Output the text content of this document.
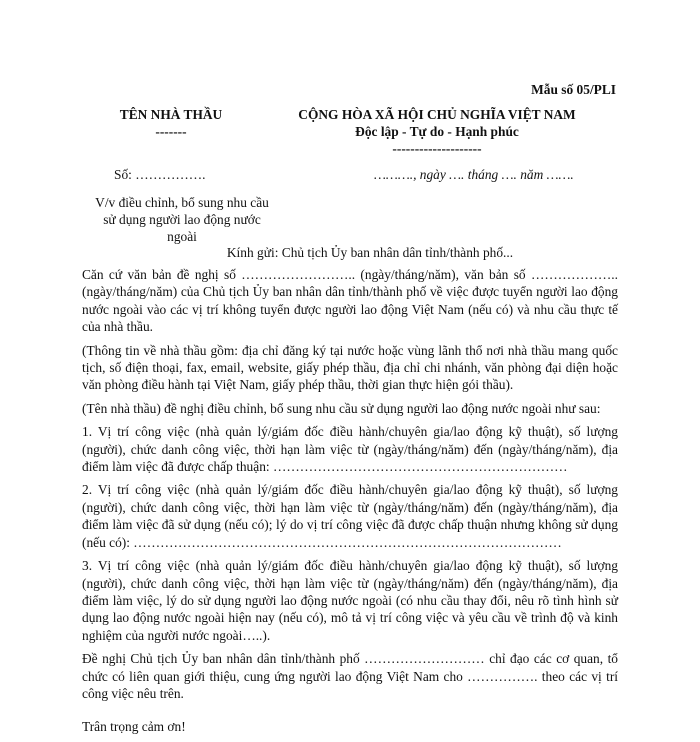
Mẫu số 05/PLI
TÊN NHÀ THẦU
-------
CỘNG HÒA XÃ HỘI CHỦ NGHĨA VIỆT NAM
Độc lập - Tự do - Hạnh phúc
--------------------
Số: …………….	………., ngày …. tháng …. năm …….
V/v điều chỉnh, bổ sung nhu cầu
sử dụng người lao động nước
ngoài
Kính gửi: Chủ tịch Ủy ban nhân dân tỉnh/thành phố...

Căn cứ văn bản đề nghị số …………………….. (ngày/tháng/năm), văn bản số ……………….. (ngày/tháng/năm) của Chủ tịch Ủy ban nhân dân tỉnh/thành phố về việc được tuyển người lao động nước ngoài vào các vị trí không tuyển được người lao động Việt Nam (nếu có) và nhu cầu thực tế của nhà thầu.

(Thông tin về nhà thầu gồm: địa chỉ đăng ký tại nước hoặc vùng lãnh thổ nơi nhà thầu mang quốc tịch, số điện thoại, fax, email, website, giấy phép thầu, địa chỉ chi nhánh, văn phòng đại diện hoặc văn phòng điều hành tại Việt Nam, giấy phép thầu, thời gian thực hiện gói thầu).

(Tên nhà thầu) đề nghị điều chỉnh, bổ sung nhu cầu sử dụng người lao động nước ngoài như sau:

1. Vị trí công việc (nhà quản lý/giám đốc điều hành/chuyên gia/lao động kỹ thuật), số lượng (người), chức danh công việc, thời hạn làm việc từ (ngày/tháng/năm) đến (ngày/tháng/năm), địa điểm làm việc đã được chấp thuận: …………………………………………………………

2. Vị trí công việc (nhà quản lý/giám đốc điều hành/chuyên gia/lao động kỹ thuật), số lượng (người), chức danh công việc, thời hạn làm việc từ (ngày/tháng/năm) đến (ngày/tháng/năm), địa điểm làm việc đã sử dụng (nếu có); lý do vị trí công việc đã được chấp thuận nhưng không sử dụng (nếu có): ……………………………………………………………………………………

3. Vị trí công việc (nhà quản lý/giám đốc điều hành/chuyên gia/lao động kỹ thuật), số lượng (người), chức danh công việc, thời hạn làm việc từ (ngày/tháng/năm) đến (ngày/tháng/năm), địa điểm làm việc, lý do sử dụng người lao động nước ngoài (có nhu cầu thay đổi, nêu rõ tình hình sử dụng lao động nước ngoài hiện nay (nếu có), mô tả vị trí công việc và yêu cầu về trình độ và kinh nghiệm của người nước ngoài…..).

Đề nghị Chủ tịch Ủy ban nhân dân tỉnh/thành phố ……………………… chỉ đạo các cơ quan, tổ chức có liên quan giới thiệu, cung ứng người lao động Việt Nam cho ……………. theo các vị trí công việc nêu trên.

Trân trọng cảm ơn!
